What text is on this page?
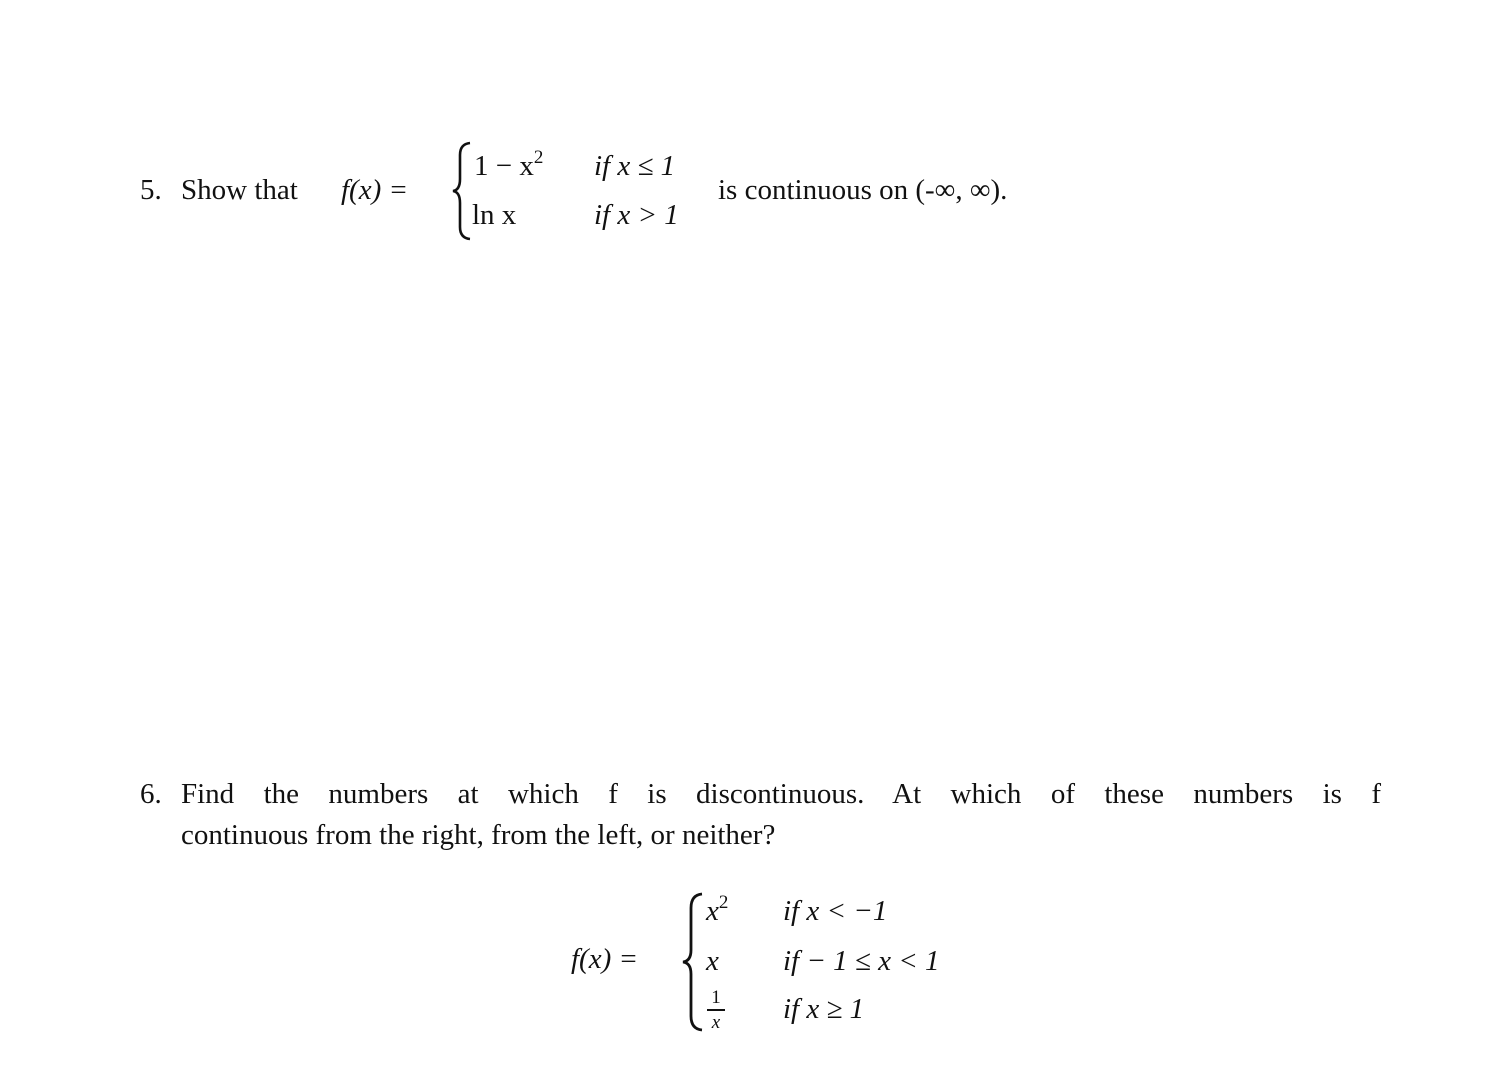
5. Show that f(x) =
$1 - x^2$ if x ≤ 1
ln x	if x > 1
is continuous on (-∞, ∞).
6. Find the numbers at which f is discontinuous. At which of these numbers is f
continuous from the right, from the left, or neither?
f(x) =
$x^2$ if x < −1
x if − 1 ≤ x < 1
1
x if x ≥ 1
